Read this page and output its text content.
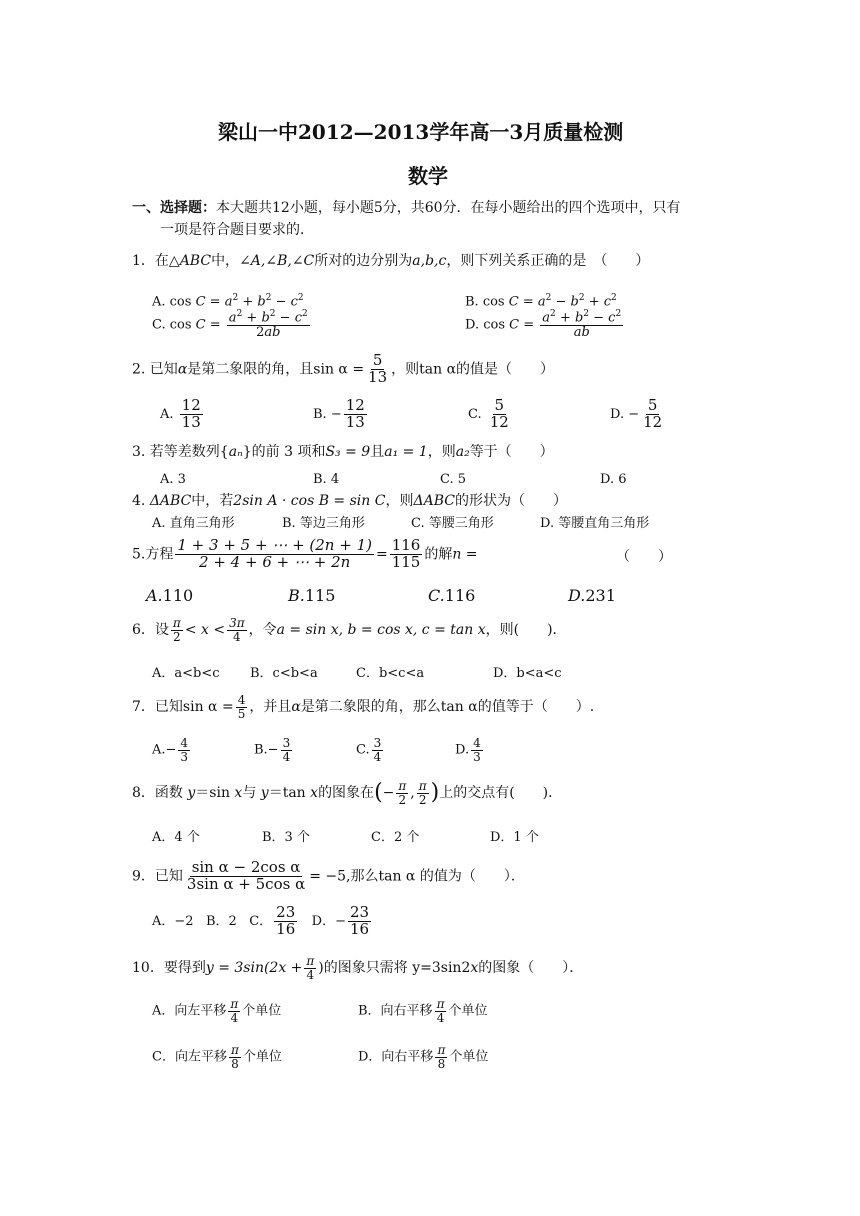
梁山一中2012—2013学年高一3月质量检测
数学
一、选择题：本大题共12小题，每小题5分，共60分．在每小题给出的四个选项中，只有
一项是符合题目要求的．
1．在△ABC中，∠A,∠B,∠C所对的边分别为a,b,c，则下列关系正确的是　（　　）
A. $\cos C = a^2 + b^2 - c^2$	B. $\cos C = a^2 - b^2 + c^2$
C. $\cos C = \frac{a^2 + b^2 - c^2}{2ab}$	D. $\cos C = \frac{a^2 + b^2 - c^2}{ab}$
2. 已知α是第二象限的角，且$\sin \alpha = \frac{5}{13}$ ，则tan α的值是（　　）
A. $\frac{12}{13}$	B. − $\frac{12}{13}$	C. $\frac{5}{12}$	D. − $\frac{5}{12}$
3. 若等差数列{aₙ}的前 3 项和S₃ = 9且a₁ = 1，则a₂等于（　　）
A. 3	B. 4	C. 5	D. 6
4. ΔABC中，若2sin A · cos B = sin C，则ΔABC的形状为（　　）
A. 直角三角形	B. 等边三角形	C. 等腰三角形	D. 等腰直角三角形
5.方程 $\frac{1 + 3 + 5 + \cdots + (2n + 1)}{2 + 4 + 6 + \cdots + 2n} = \frac{116}{115}$ 的解n =	（　　）
A.110	B.115	C.116	D.231
6．设 $\frac{\pi}{2} < x < \frac{3\pi}{4}$ ，令a = sin x, b = cos x, c = tan x，则(　　)．
A．a<b<c B．c<b<a	C．b<c<a	D．b<a<c
7．已知$\sin \alpha = \frac{4}{5}$ ，并且α是第二象限的角，那么tan α的值等于（　　）.
$A.- \frac{4}{3}$	$B.- \frac{3}{4}$	C. $\frac{3}{4}$	D. $\frac{4}{3}$
8．函数 y＝sin x与 y＝tan x的图象在(− $\frac{\pi}{2}$ , $\frac{\pi}{2}$ )上的交点有(　　)．
A．4 个	B．3 个	C．2 个	D．1 个
9．已知 $\frac{\text{sin α − 2cos α}}{\text{3sin α + 5cos α}} = -5$,那么tan α 的值为（　　）．
A．−2 B．2 C． $\frac{23}{16}$ D．− $\frac{23}{16}$
10．要得到$y = 3\sin(2x + \frac{\pi}{4}$ )的图象只需将 y=3sin2x的图象（　　）．
A．向左平移 $\frac{\pi}{4}$ 个单位	B．向右平移 $\frac{\pi}{4}$ 个单位
C．向左平移 $\frac{\pi}{8}$ 个单位	D．向右平移 $\frac{\pi}{8}$ 个单位
